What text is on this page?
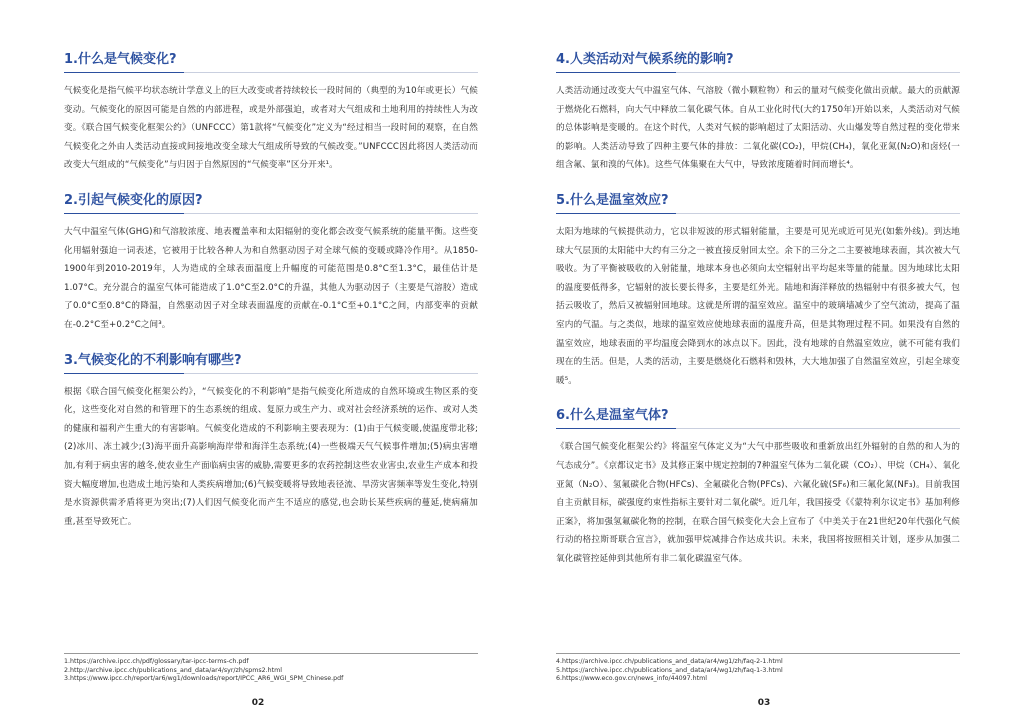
1.什么是气候变化?

气候变化是指气候平均状态统计学意义上的巨大改变或者持续较长一段时间的（典型的为10年或更长）气候变动。气候变化的原因可能是自然的内部进程，或是外部强迫，或者对大气组成和土地利用的持续性人为改变。《联合国气候变化框架公约》（UNFCCC）第1款将“气候变化”定义为“经过相当一段时间的观察，在自然气候变化之外由人类活动直接或间接地改变全球大气组成所导致的气候改变。”UNFCCC因此将因人类活动而改变大气组成的“气候变化”与归因于自然原因的“气候变率”区分开来¹。

2.引起气候变化的原因?

大气中温室气体(GHG)和气溶胶浓度、地表覆盖率和太阳辐射的变化都会改变气候系统的能量平衡。这些变化用辐射强迫一词表述，它被用于比较各种人为和自然驱动因子对全球气候的变暖或降冷作用²。从1850-1900年到2010-2019年，人为造成的全球表面温度上升幅度的可能范围是0.8°C至1.3°C，最佳估计是1.07°C。充分混合的温室气体可能造成了1.0°C至2.0°C的升温，其他人为驱动因子（主要是气溶胶）造成了0.0°C至0.8°C的降温，自然驱动因子对全球表面温度的贡献在-0.1°C至+0.1°C之间，内部变率的贡献在-0.2°C至+0.2°C之间³。

3.气候变化的不利影响有哪些?

根据《联合国气候变化框架公约》，“气候变化的不利影响”是指气候变化所造成的自然环境或生物区系的变化，这些变化对自然的和管理下的生态系统的组成、复原力或生产力、或对社会经济系统的运作、或对人类的健康和福利产生重大的有害影响。气候变化造成的不利影响主要表现为：(1)由于气候变暖,使温度带北移;(2)冰川、冻土减少;(3)海平面升高影响海岸带和海洋生态系统;(4)一些极端天气气候事件增加;(5)病虫害增加,有利于病虫害的越冬,使农业生产面临病虫害的威胁,需要更多的农药控制这些农业害虫,农业生产成本和投资大幅度增加,也造成土地污染和人类疾病增加;(6)气候变暖将导致地表径流、旱涝灾害频率等发生变化,特别是水资源供需矛盾将更为突出;(7)人们因气候变化而产生不适应的感觉,也会助长某些疾病的蔓延,使病痛加重,甚至导致死亡。

1.https://archive.ipcc.ch/pdf/glossary/tar-ipcc-terms-ch.pdf
2.http://archive.ipcc.ch/publications_and_data/ar4/syr/zh/spms2.html
3.https://www.ipcc.ch/report/ar6/wg1/downloads/report/IPCC_AR6_WGI_SPM_Chinese.pdf
02
4.人类活动对气候系统的影响?

人类活动通过改变大气中温室气体、气溶胶（微小颗粒物）和云的量对气候变化做出贡献。最大的贡献源于燃烧化石燃料，向大气中释放二氧化碳气体。自从工业化时代(大约1750年)开始以来，人类活动对气候的总体影响是变暖的。在这个时代，人类对气候的影响超过了太阳活动、火山爆发等自然过程的变化带来的影响。人类活动导致了四种主要气体的排放：二氧化碳(CO₂)，甲烷(CH₄)，氧化亚氮(N₂O)和卤烃(一组含氟、氯和溴的气体)。这些气体集聚在大气中，导致浓度随着时间而增长⁴。

5.什么是温室效应?

太阳为地球的气候提供动力，它以非短波的形式辐射能量，主要是可见光或近可见光(如紫外线)。到达地球大气层顶的太阳能中大约有三分之一被直接反射回太空。余下的三分之二主要被地球表面，其次被大气吸收。为了平衡被吸收的入射能量，地球本身也必须向太空辐射出平均起来等量的能量。因为地球比太阳的温度要低得多，它辐射的波长要长得多，主要是红外光。陆地和海洋释放的热辐射中有很多被大气，包括云吸收了，然后又被辐射回地球。这就是所谓的温室效应。温室中的玻璃墙减少了空气流动，提高了温室内的气温。与之类似，地球的温室效应使地球表面的温度升高，但是其物理过程不同。如果没有自然的温室效应，地球表面的平均温度会降到水的冰点以下。因此，没有地球的自然温室效应，就不可能有我们现在的生活。但是，人类的活动，主要是燃烧化石燃料和毁林，大大地加强了自然温室效应，引起全球变暖⁵。

6.什么是温室气体?

《联合国气候变化框架公约》将温室气体定义为“大气中那些吸收和重新放出红外辐射的自然的和人为的气态成分”。《京都议定书》及其修正案中规定控制的7种温室气体为二氧化碳（CO₂）、甲烷（CH₄）、氧化亚氮（N₂O）、氢氟碳化合物(HFCs)、全氟碳化合物(PFCs)、六氟化硫(SF₆)和三氟化氮(NF₃)。目前我国自主贡献目标，碳强度约束性指标主要针对二氧化碳⁶。近几年，我国接受《《蒙特利尔议定书》基加利修正案》，将加强氢氟碳化物的控制，在联合国气候变化大会上宣布了《中美关于在21世纪20年代强化气候行动的格拉斯哥联合宣言》，就加强甲烷减排合作达成共识。未来，我国将按照相关计划，逐步从加强二氧化碳管控延伸到其他所有非二氧化碳温室气体。

4.https://archive.ipcc.ch/publications_and_data/ar4/wg1/zh/faq-2-1.html
5.https://archive.ipcc.ch/publications_and_data/ar4/wg1/zh/faq-1-3.html
6.https://www.eco.gov.cn/news_info/44097.html
03
